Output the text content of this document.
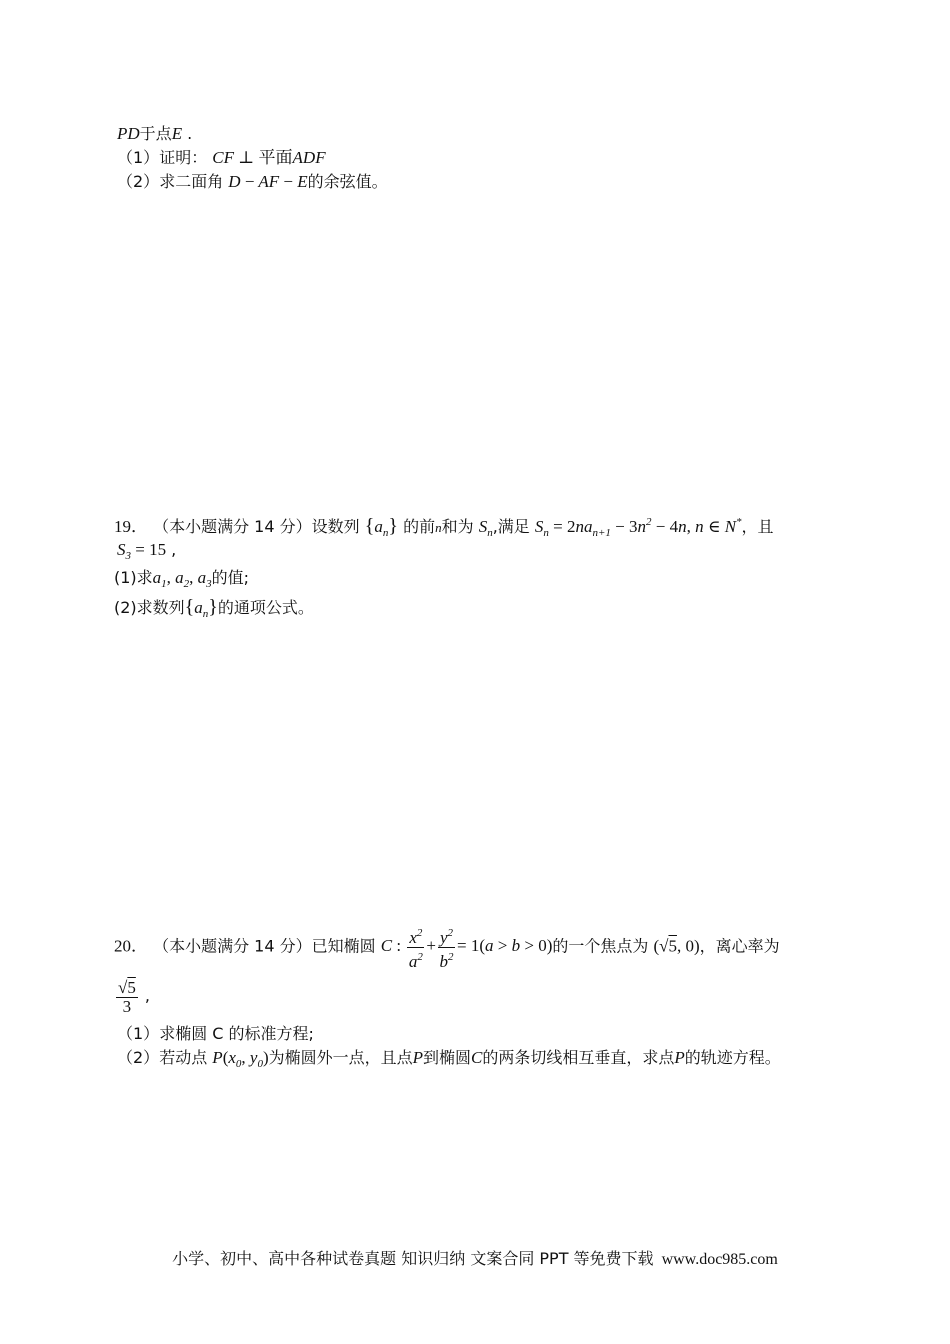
PD于点E .
（1）证明： CF ⊥ 平面ADF
（2）求二面角 D − AF − E的余弦值。
19． （本小题满分 14 分）设数列 $\{a_n\}$ 的前n和为 $S_n$,满足 $S_n = 2na_{n+1} - 3n^2 - 4n$, n ∈ N*，且
$S_3 = 15$ ,
(1)求$a_1$, $a_2$, $a_3$的值;
(2)求数列$\{a_n\}$的通项公式。
20． （本小题满分 14 分）已知椭圆 C : $\frac{x^2}{a^2} + \frac{y^2}{b^2} = 1(a > b > 0)$的一个焦点为 (√5, 0)，离心率为
$\frac{√5}{3}$ ,
（1）求椭圆 C 的标准方程;
（2）若动点 $P(x_0$, $y_0$)为椭圆外一点，且点P到椭圆C的两条切线相互垂直，求点P的轨迹方程。
小学、初中、高中各种试卷真题 知识归纳 文案合同 PPT 等免费下载 www.doc985.com
